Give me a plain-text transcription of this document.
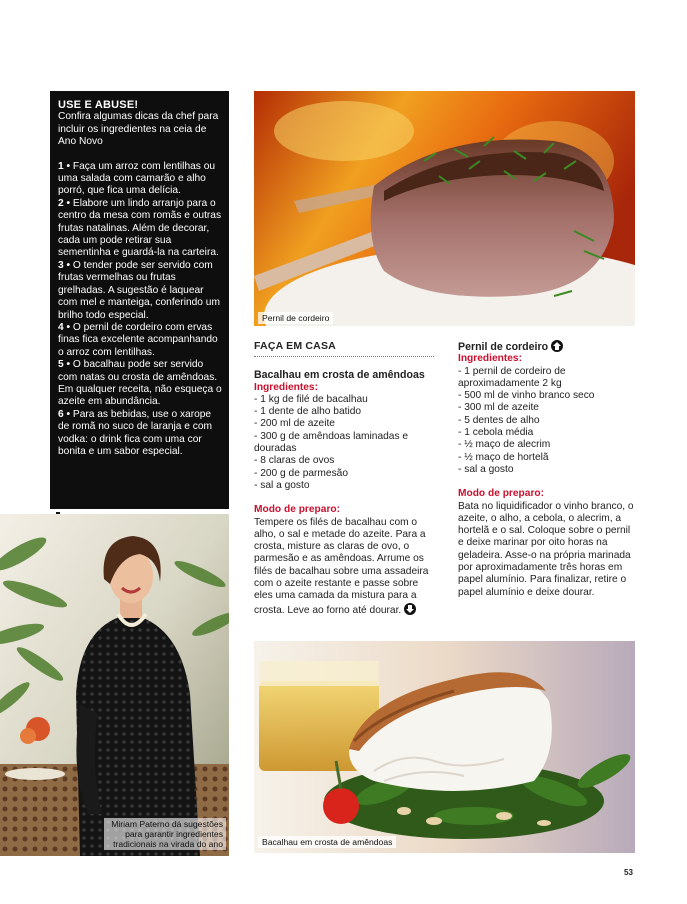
USE E ABUSE!
Confira algumas dicas da chef para incluir os ingredientes na ceia de Ano Novo
1 • Faça um arroz com lentilhas ou uma salada com camarão e alho porró, que fica uma delícia.
2 • Elabore um lindo arranjo para o centro da mesa com romãs e outras frutas natalinas. Além de decorar, cada um pode retirar sua sementinha e guardá-la na carteira.
3 • O tender pode ser servido com frutas vermelhas ou frutas grelhadas. A sugestão é laquear com mel e manteiga, conferindo um brilho todo especial.
4 • O pernil de cordeiro com ervas finas fica excelente acompanhando o arroz com lentilhas.
5 • O bacalhau pode ser servido com natas ou crosta de amêndoas. Em qualquer receita, não esqueça o azeite em abundância.
6 • Para as bebidas, use o xarope de romã no suco de laranja e com vodka: o drink fica com uma cor bonita e um sabor especial.
Miriam Paterno dá sugestões
para garantir ingredientes
tradicionais na virada do ano
Pernil de cordeiro
FAÇA EM CASA
Bacalhau em crosta de amêndoas
Ingredientes:
- 1 kg de filé de bacalhau
- 1 dente de alho batido
- 200 ml de azeite
- 300 g de amêndoas laminadas e douradas
- 8 claras de ovos
- 200 g de parmesão
- sal a gosto
Modo de preparo:
Tempere os filés de bacalhau com o alho, o sal e metade do azeite. Para a crosta, misture as claras de ovo, o parmesão e as amêndoas. Arrume os filés de bacalhau sobre uma assadeira com o azeite restante e passe sobre eles uma camada da mistura para a crosta. Leve ao forno até dourar.
Pernil de cordeiro
Ingredientes:
- 1 pernil de cordeiro de aproximadamente 2 kg
- 500 ml de vinho branco seco
- 300 ml de azeite
- 5 dentes de alho
- 1 cebola média
- ½ maço de alecrim
- ½ maço de hortelã
- sal a gosto
Modo de preparo:
Bata no liquidificador o vinho branco, o azeite, o alho, a cebola, o alecrim, a hortelã e o sal. Coloque sobre o pernil e deixe marinar por oito horas na geladeira. Asse-o na própria marinada por aproximadamente três horas em papel alumínio. Para finalizar, retire o papel alumínio e deixe dourar.
Bacalhau em crosta de amêndoas
53
